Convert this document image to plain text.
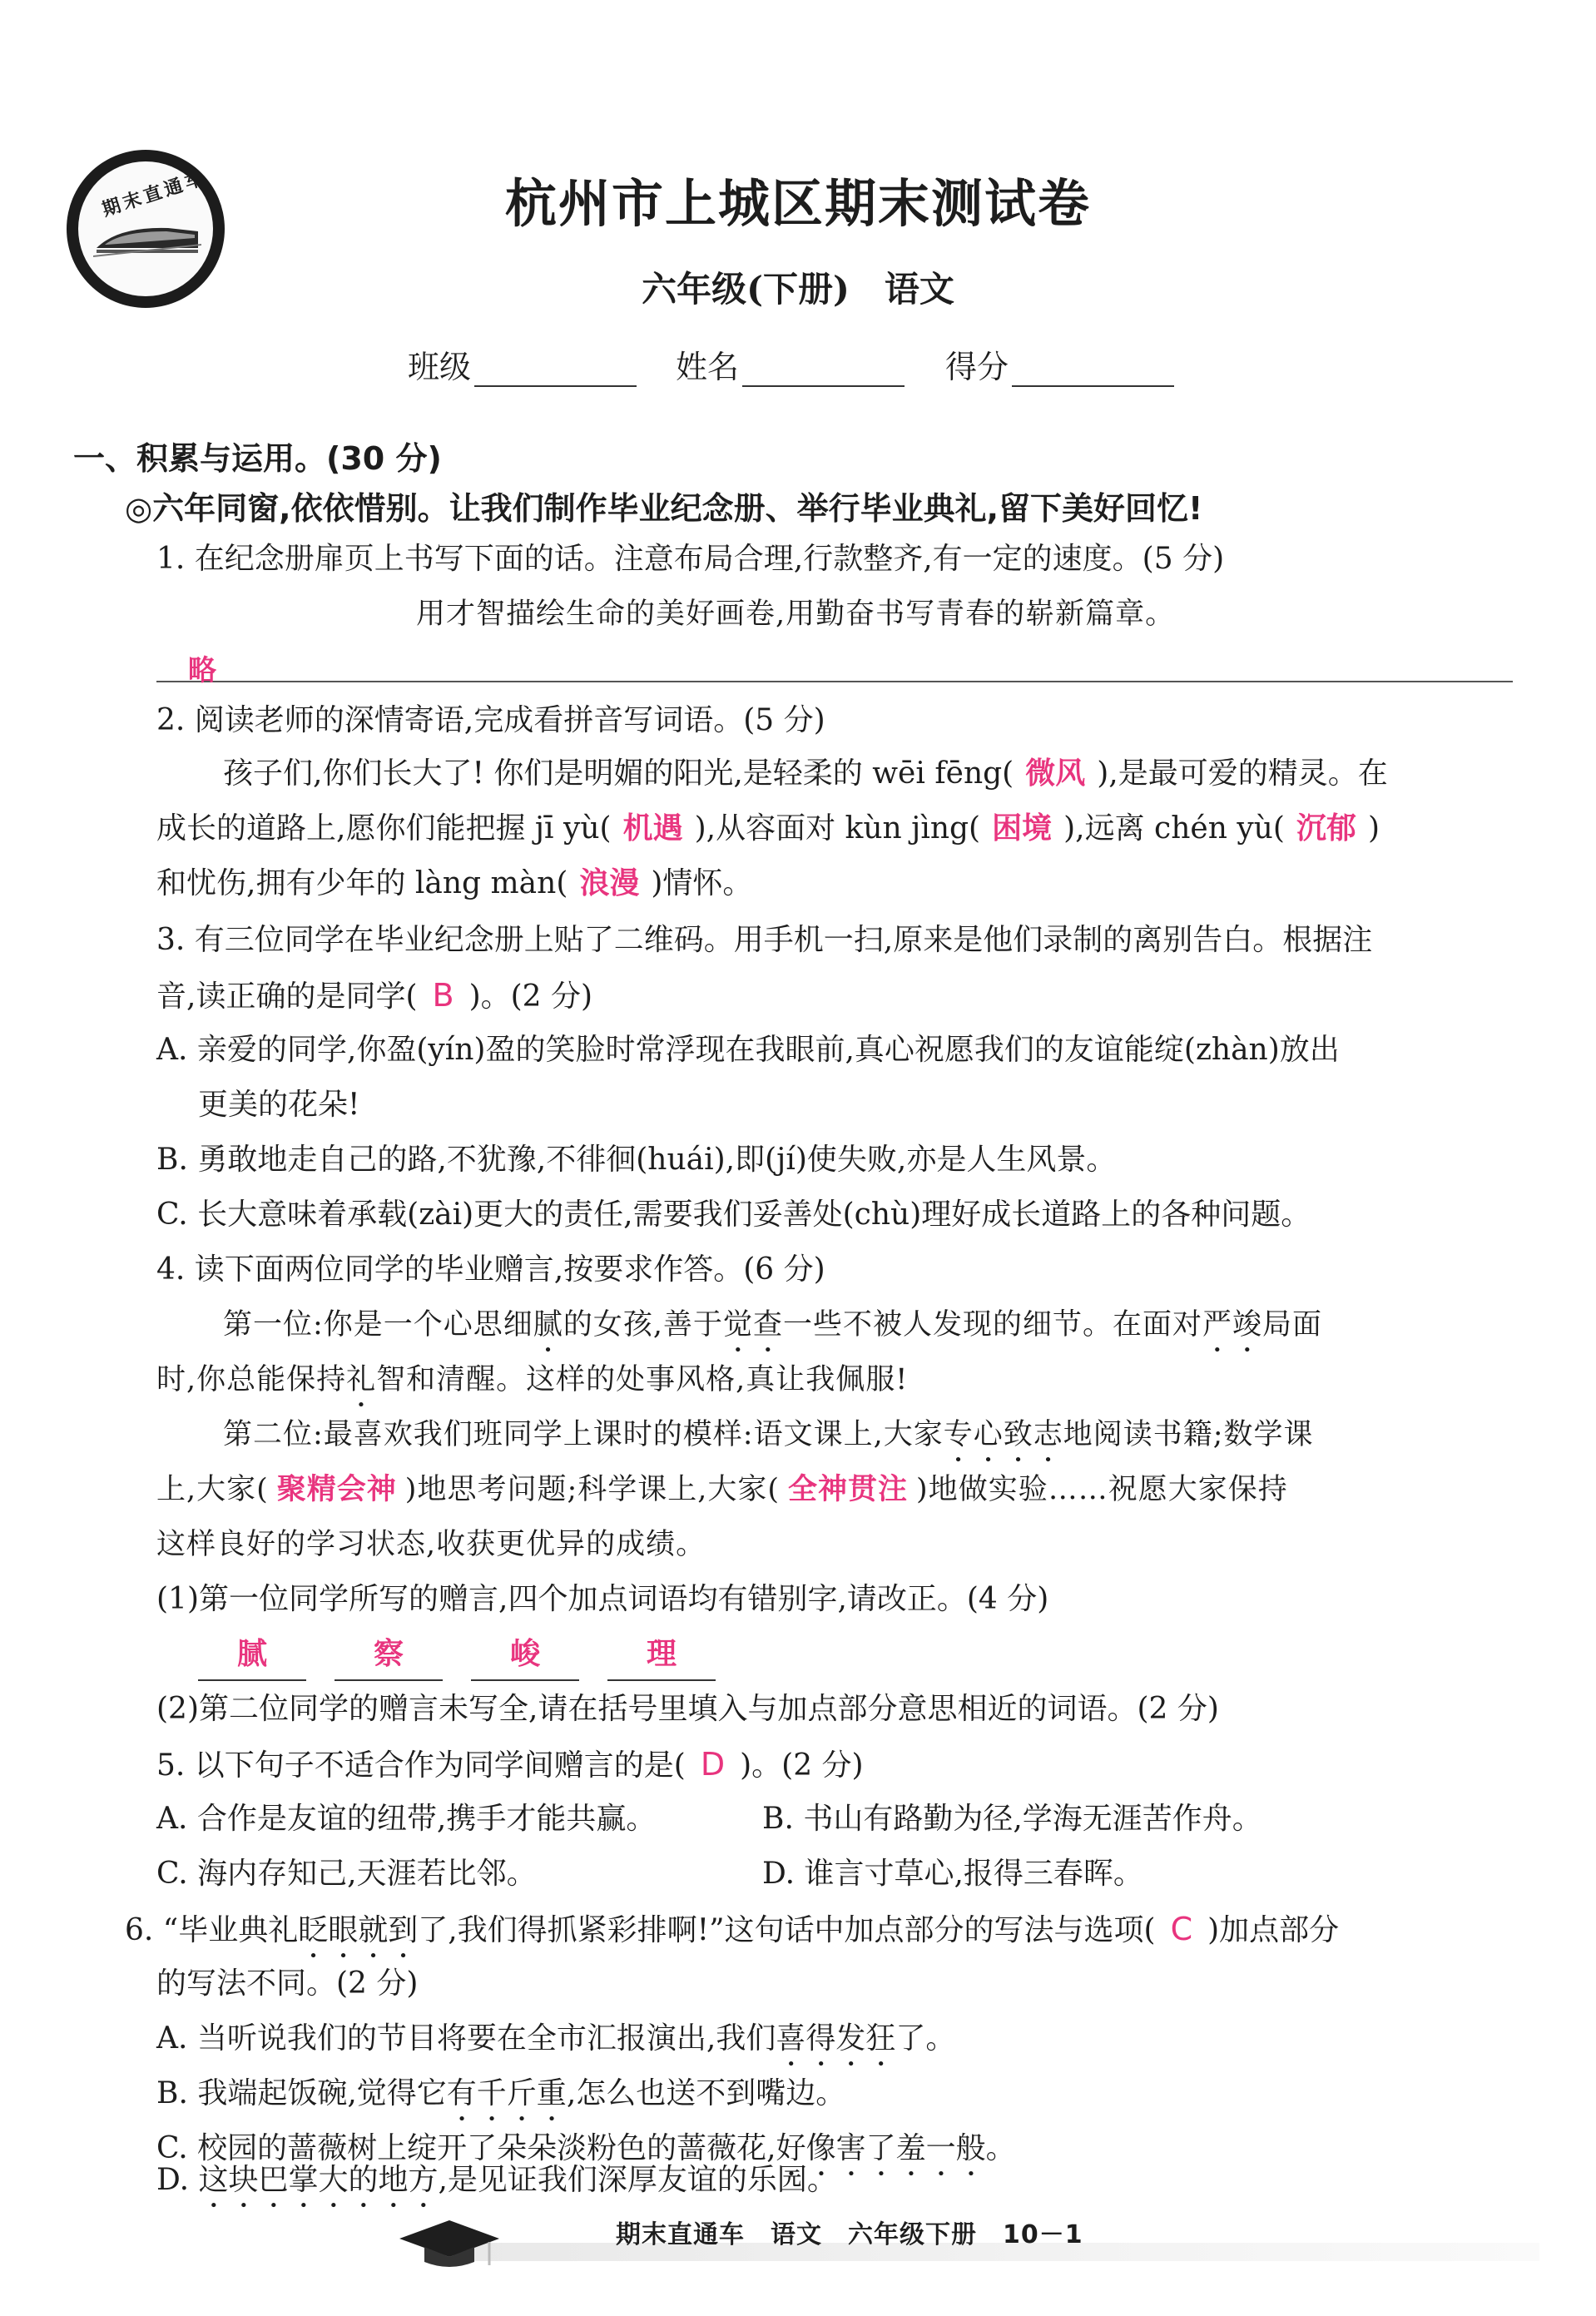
期末直通车	杭州市上城区期末测试卷
六年级(下册)　语文
班级	姓名	得分
一、积累与运用。(30 分)
◎六年同窗,依依惜别。让我们制作毕业纪念册、举行毕业典礼,留下美好回忆!
1. 在纪念册扉页上书写下面的话。注意布局合理,行款整齐,有一定的速度。(5 分)
用才智描绘生命的美好画卷,用勤奋书写青春的崭新篇章。
略
2. 阅读老师的深情寄语,完成看拼音写词语。(5 分)
孩子们,你们长大了! 你们是明媚的阳光,是轻柔的 wēi fēng( 微风 ),是最可爱的精灵。在
成长的道路上,愿你们能把握 jī yù( 机遇 ),从容面对 kùn jìng( 困境 ),远离 chén yù( 沉郁 )
和忧伤,拥有少年的 làng màn( 浪漫 )情怀。
3. 有三位同学在毕业纪念册上贴了二维码。用手机一扫,原来是他们录制的离别告白。根据注
音,读正确的是同学( B )。(2 分)
A. 亲爱的同学,你盈(yín)盈的笑脸时常浮现在我眼前,真心祝愿我们的友谊能绽(zhàn)放出
更美的花朵!
B. 勇敢地走自己的路,不犹豫,不徘徊(huái),即(jí)使失败,亦是人生风景。
C. 长大意味着承载(zài)更大的责任,需要我们妥善处(chù)理好成长道路上的各种问题。
4. 读下面两位同学的毕业赠言,按要求作答。(6 分)
第一位:你是一个心思细腻的女孩,善于觉查一些不被人发现的细节。在面对严竣局面
时,你总能保持礼智和清醒。这样的处事风格,真让我佩服!
第二位:最喜欢我们班同学上课时的模样:语文课上,大家专心致志地阅读书籍;数学课
上,大家( 聚精会神 )地思考问题;科学课上,大家( 全神贯注 )地做实验……祝愿大家保持
这样良好的学习状态,收获更优异的成绩。
(1)第一位同学所写的赠言,四个加点词语均有错别字,请改正。(4 分)
腻	察	峻	理
(2)第二位同学的赠言未写全,请在括号里填入与加点部分意思相近的词语。(2 分)
5. 以下句子不适合作为同学间赠言的是( D )。(2 分)
A. 合作是友谊的纽带,携手才能共赢。	B. 书山有路勤为径,学海无涯苦作舟。
C. 海内存知己,天涯若比邻。	D. 谁言寸草心,报得三春晖。
6. “毕业典礼眨眼就到了,我们得抓紧彩排啊!”这句话中加点部分的写法与选项( C )加点部分
的写法不同。(2 分)
A. 当听说我们的节目将要在全市汇报演出,我们喜得发狂了。
B. 我端起饭碗,觉得它有千斤重,怎么也送不到嘴边。
C. 校园的蔷薇树上绽开了朵朵淡粉色的蔷薇花,好像害了羞一般。
D. 这块巴掌大的地方,是见证我们深厚友谊的乐园。
期末直通车　语文　六年级下册　10－1
